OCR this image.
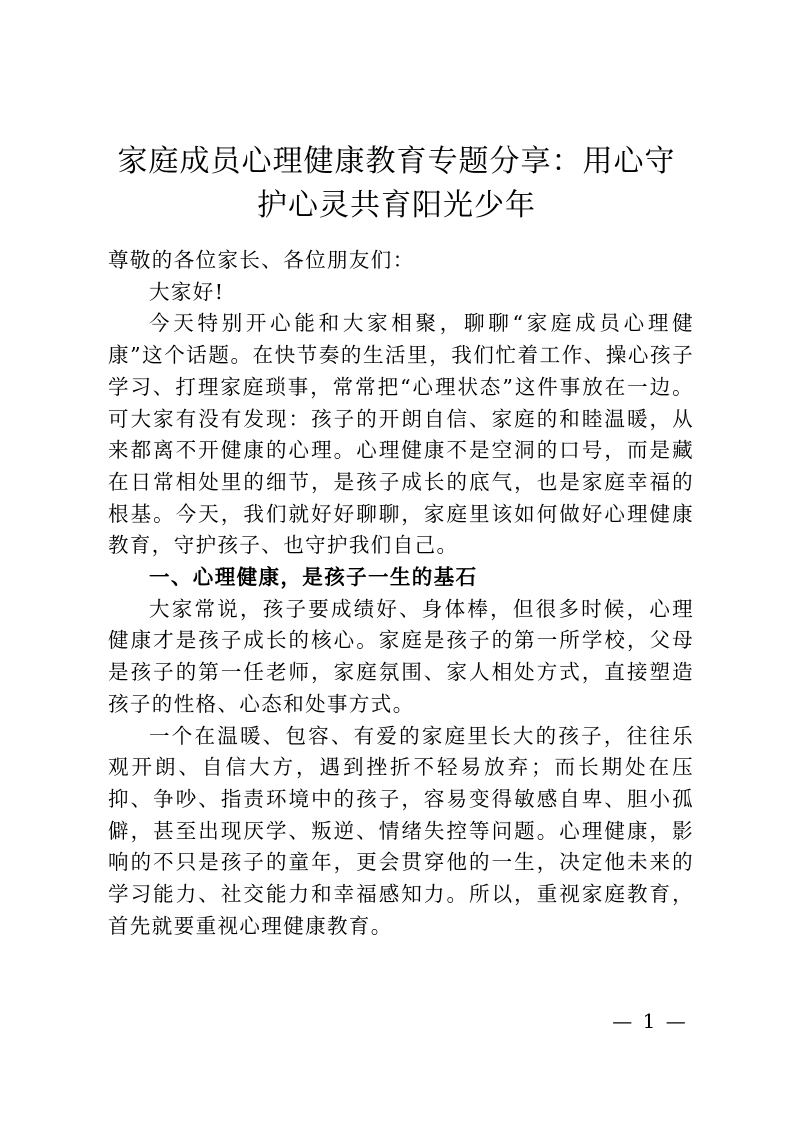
家庭成员心理健康教育专题分享：用心守
护心灵共育阳光少年

尊敬的各位家长、各位朋友们：

大家好!

今天特别开心能和大家相聚，聊聊“家庭成员心理健康”这个话题。在快节奏的生活里，我们忙着工作、操心孩子学习、打理家庭琐事，常常把“心理状态”这件事放在一边。可大家有没有发现：孩子的开朗自信、家庭的和睦温暖，从来都离不开健康的心理。心理健康不是空洞的口号，而是藏在日常相处里的细节，是孩子成长的底气，也是家庭幸福的根基。今天，我们就好好聊聊，家庭里该如何做好心理健康教育，守护孩子、也守护我们自己。

一、心理健康，是孩子一生的基石

大家常说，孩子要成绩好、身体棒，但很多时候，心理健康才是孩子成长的核心。家庭是孩子的第一所学校，父母是孩子的第一任老师，家庭氛围、家人相处方式，直接塑造孩子的性格、心态和处事方式。

一个在温暖、包容、有爱的家庭里长大的孩子，往往乐观开朗、自信大方，遇到挫折不轻易放弃；而长期处在压抑、争吵、指责环境中的孩子，容易变得敏感自卑、胆小孤僻，甚至出现厌学、叛逆、情绪失控等问题。心理健康，影响的不只是孩子的童年，更会贯穿他的一生，决定他未来的学习能力、社交能力和幸福感知力。所以，重视家庭教育，首先就要重视心理健康教育。

— 1 —
